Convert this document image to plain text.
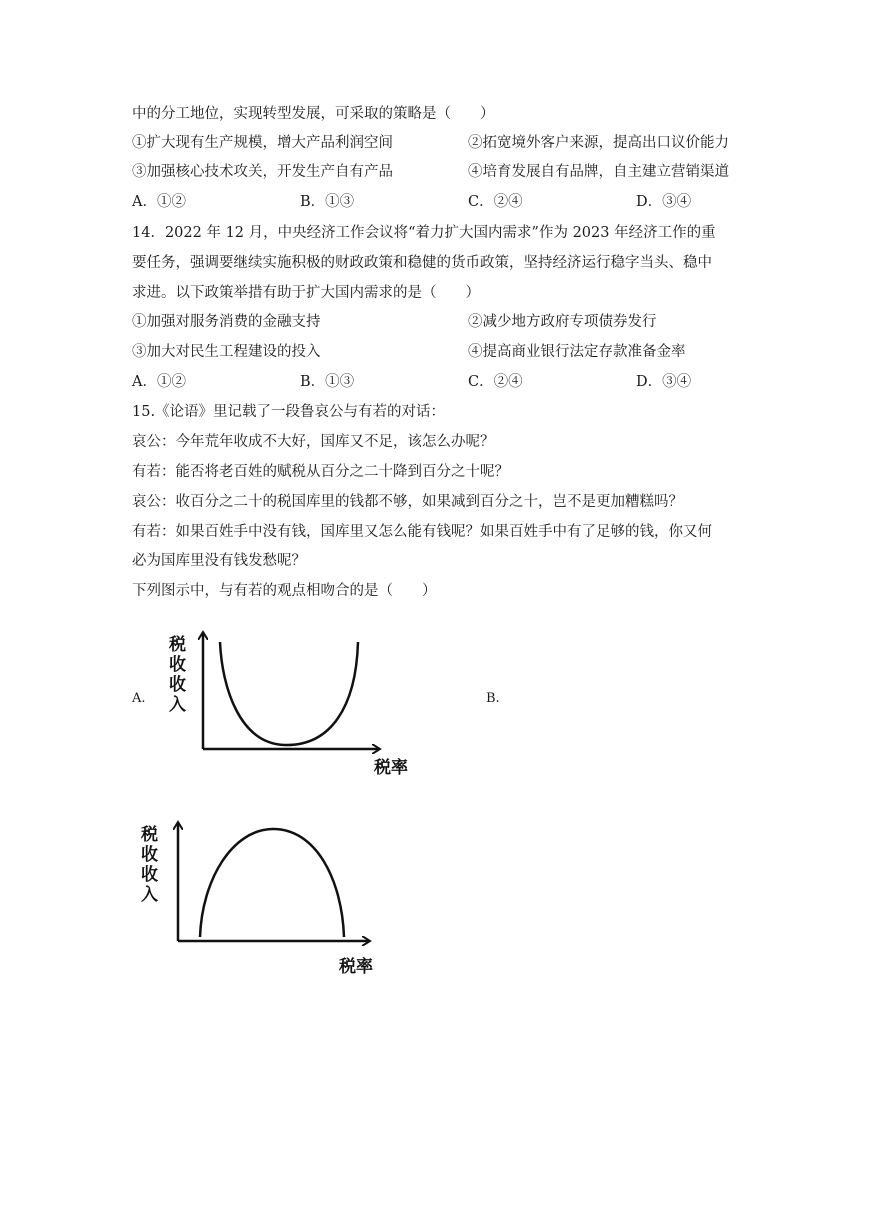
中的分工地位，实现转型发展，可采取的策略是（　　）
①扩大现有生产规模，增大产品利润空间	②拓宽境外客户来源，提高出口议价能力
③加强核心技术攻关，开发生产自有产品	④培育发展自有品牌，自主建立营销渠道
A．①②	B．①③	C．②④	D．③④
14．2022 年 12 月，中央经济工作会议将“着力扩大国内需求”作为 2023 年经济工作的重
要任务，强调要继续实施积极的财政政策和稳健的货币政策，坚持经济运行稳字当头、稳中
求进。以下政策举措有助于扩大国内需求的是（　　）
①加强对服务消费的金融支持	②减少地方政府专项债券发行
③加大对民生工程建设的投入	④提高商业银行法定存款准备金率
A．①②	B．①③	C．②④	D．③④
15.《论语》里记载了一段鲁哀公与有若的对话：
哀公：今年荒年收成不大好，国库又不足，该怎么办呢？
有若：能否将老百姓的赋税从百分之二十降到百分之十呢？
哀公：收百分之二十的税国库里的钱都不够，如果减到百分之十，岂不是更加糟糕吗？
有若：如果百姓手中没有钱，国库里又怎么能有钱呢？如果百姓手中有了足够的钱，你又何
必为国库里没有钱发愁呢？
下列图示中，与有若的观点相吻合的是（　　）
A.	B.
税
收
收
入
税率
税
收
收
入
税率
